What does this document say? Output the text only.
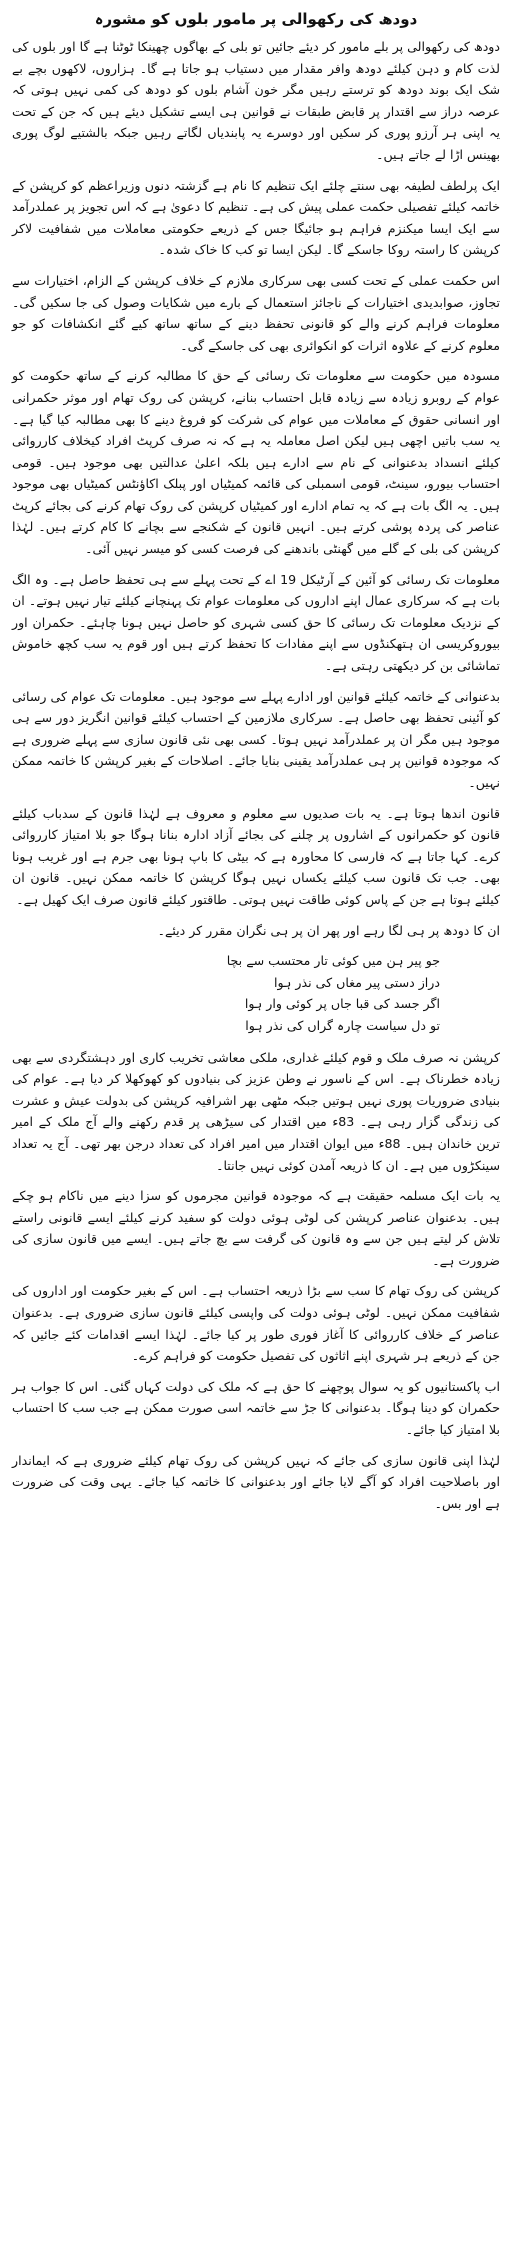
دودھ کی رکھوالی پر مامور بلوں کو مشورہ

دودھ کی رکھوالی پر بلے مامور کر دیئے جائیں تو بلی کے بھاگوں چھینکا ٹوٹنا ہے گا اور بلوں کی لذت کام و دہن کیلئے دودھ وافر مقدار میں دستیاب ہو جاتا ہے گا۔ ہزاروں، لاکھوں بچے بے شک ایک بوند دودھ کو ترستے رہیں مگر خون آشام بلوں کو دودھ کی کمی نہیں ہوتی کہ عرصہ دراز سے اقتدار پر قابض طبقات نے قوانین ہی ایسے تشکیل دیئے ہیں کہ جن کے تحت یہ اپنی ہر آرزو پوری کر سکیں اور دوسرے یہ پابندیاں لگاتے رہیں جبکہ بالشتیے لوگ پوری بھینس اڑا لے جاتے ہیں۔

ایک پرلطف لطیفہ بھی سنتے چلئے ایک تنظیم کا نام ہے گزشتہ دنوں وزیراعظم کو کرپشن کے خاتمہ کیلئے تفصیلی حکمت عملی پیش کی ہے۔ تنظیم کا دعویٰ ہے کہ اس تجویز پر عملدرآمد سے ایک ایسا میکنزم فراہم ہو جائیگا جس کے ذریعے حکومتی معاملات میں شفافیت لاکر کرپشن کا راستہ روکا جاسکے گا۔ لیکن ایسا تو کب کا خاک شدہ۔

اس حکمت عملی کے تحت کسی بھی سرکاری ملازم کے خلاف کرپشن کے الزام، اختیارات سے تجاوز، صوابدیدی اختیارات کے ناجائز استعمال کے بارے میں شکایات وصول کی جا سکیں گی۔ معلومات فراہم کرنے والے کو قانونی تحفظ دینے کے ساتھ ساتھ کیے گئے انکشافات کو جو معلوم کرنے کے علاوہ اثرات کو انکوائری بھی کی جاسکے گی۔

مسودہ میں حکومت سے معلومات تک رسائی کے حق کا مطالبہ کرنے کے ساتھ حکومت کو عوام کے روبرو زیادہ سے زیادہ قابل احتساب بنانے، کرپشن کی روک تھام اور موثر حکمرانی اور انسانی حقوق کے معاملات میں عوام کی شرکت کو فروغ دینے کا بھی مطالبہ کیا گیا ہے۔ یہ سب باتیں اچھی ہیں لیکن اصل معاملہ یہ ہے کہ نہ صرف کرپٹ افراد کیخلاف کارروائی کیلئے انسداد بدعنوانی کے نام سے ادارے ہیں بلکہ اعلیٰ عدالتیں بھی موجود ہیں۔ قومی احتساب بیورو، سینٹ، قومی اسمبلی کی قائمہ کمیٹیاں اور پبلک اکاؤنٹس کمیٹیاں بھی موجود ہیں۔ یہ الگ بات ہے کہ یہ تمام ادارے اور کمیٹیاں کرپشن کی روک تھام کرنے کی بجائے کرپٹ عناصر کی پردہ پوشی کرتے ہیں۔ انہیں قانون کے شکنجے سے بچانے کا کام کرتے ہیں۔ لہٰذا کرپشن کی بلی کے گلے میں گھنٹی باندھنے کی فرصت کسی کو میسر نہیں آئی۔

معلومات تک رسائی کو آئین کے آرٹیکل 19 اے کے تحت پہلے سے ہی تحفظ حاصل ہے۔ وہ الگ بات ہے کہ سرکاری عمال اپنے اداروں کی معلومات عوام تک پہنچانے کیلئے تیار نہیں ہوتے۔ ان کے نزدیک معلومات تک رسائی کا حق کسی شہری کو حاصل نہیں ہونا چاہئے۔ حکمران اور بیوروکریسی ان ہتھکنڈوں سے اپنے مفادات کا تحفظ کرتے ہیں اور قوم یہ سب کچھ خاموش تماشائی بن کر دیکھتی رہتی ہے۔

بدعنوانی کے خاتمہ کیلئے قوانین اور ادارے پہلے سے موجود ہیں۔ معلومات تک عوام کی رسائی کو آئینی تحفظ بھی حاصل ہے۔ سرکاری ملازمین کے احتساب کیلئے قوانین انگریز دور سے ہی موجود ہیں مگر ان پر عملدرآمد نہیں ہوتا۔ کسی بھی نئی قانون سازی سے پہلے ضروری ہے کہ موجودہ قوانین پر ہی عملدرآمد یقینی بنایا جائے۔ اصلاحات کے بغیر کرپشن کا خاتمہ ممکن نہیں۔

قانون اندھا ہوتا ہے۔ یہ بات صدیوں سے معلوم و معروف ہے لہٰذا قانون کے سدباب کیلئے قانون کو حکمرانوں کے اشاروں پر چلنے کی بجائے آزاد ادارہ بنانا ہوگا جو بلا امتیاز کارروائی کرے۔ کہا جاتا ہے کہ فارسی کا محاورہ ہے کہ بیٹی کا باپ ہونا بھی جرم ہے اور غریب ہونا بھی۔ جب تک قانون سب کیلئے یکساں نہیں ہوگا کرپشن کا خاتمہ ممکن نہیں۔ قانون ان کیلئے ہوتا ہے جن کے پاس کوئی طاقت نہیں ہوتی۔ طاقتور کیلئے قانون صرف ایک کھیل ہے۔

ان کا دودھ پر ہی لگا رہے اور پھر ان پر ہی نگران مقرر کر دیئے۔

جو پیر ہن میں کوئی تار محتسب سے بچا
دراز دستی پیر مغاں کی نذر ہوا
اگر جسد کی قبا جاں پر کوئی وار ہوا
تو دل سیاست چارہ گراں کی نذر ہوا

کرپشن نہ صرف ملک و قوم کیلئے غداری، ملکی معاشی تخریب کاری اور دہشتگردی سے بھی زیادہ خطرناک ہے۔ اس کے ناسور نے وطن عزیز کی بنیادوں کو کھوکھلا کر دیا ہے۔ عوام کی بنیادی ضروریات پوری نہیں ہوتیں جبکہ مٹھی بھر اشرافیہ کرپشن کی بدولت عیش و عشرت کی زندگی گزار رہی ہے۔ 83ء میں اقتدار کی سیڑھی پر قدم رکھنے والے آج ملک کے امیر ترین خاندان ہیں۔ 88ء میں ایوان اقتدار میں امیر افراد کی تعداد درجن بھر تھی۔ آج یہ تعداد سینکڑوں میں ہے۔ ان کا ذریعہ آمدن کوئی نہیں جانتا۔

یہ بات ایک مسلمہ حقیقت ہے کہ موجودہ قوانین مجرموں کو سزا دینے میں ناکام ہو چکے ہیں۔ بدعنوان عناصر کرپشن کی لوٹی ہوئی دولت کو سفید کرنے کیلئے ایسے قانونی راستے تلاش کر لیتے ہیں جن سے وہ قانون کی گرفت سے بچ جاتے ہیں۔ ایسے میں قانون سازی کی ضرورت ہے۔

کرپشن کی روک تھام کا سب سے بڑا ذریعہ احتساب ہے۔ اس کے بغیر حکومت اور اداروں کی شفافیت ممکن نہیں۔ لوٹی ہوئی دولت کی واپسی کیلئے قانون سازی ضروری ہے۔ بدعنوان عناصر کے خلاف کارروائی کا آغاز فوری طور پر کیا جائے۔ لہٰذا ایسے اقدامات کئے جائیں کہ جن کے ذریعے ہر شہری اپنے اثاثوں کی تفصیل حکومت کو فراہم کرے۔

اب پاکستانیوں کو یہ سوال پوچھنے کا حق ہے کہ ملک کی دولت کہاں گئی۔ اس کا جواب ہر حکمران کو دینا ہوگا۔ بدعنوانی کا جڑ سے خاتمہ اسی صورت ممکن ہے جب سب کا احتساب بلا امتیاز کیا جائے۔

لہٰذا اپنی قانون سازی کی جائے کہ نہیں کرپشن کی روک تھام کیلئے ضروری ہے کہ ایماندار اور باصلاحیت افراد کو آگے لایا جائے اور بدعنوانی کا خاتمہ کیا جائے۔ یہی وقت کی ضرورت ہے اور بس۔
